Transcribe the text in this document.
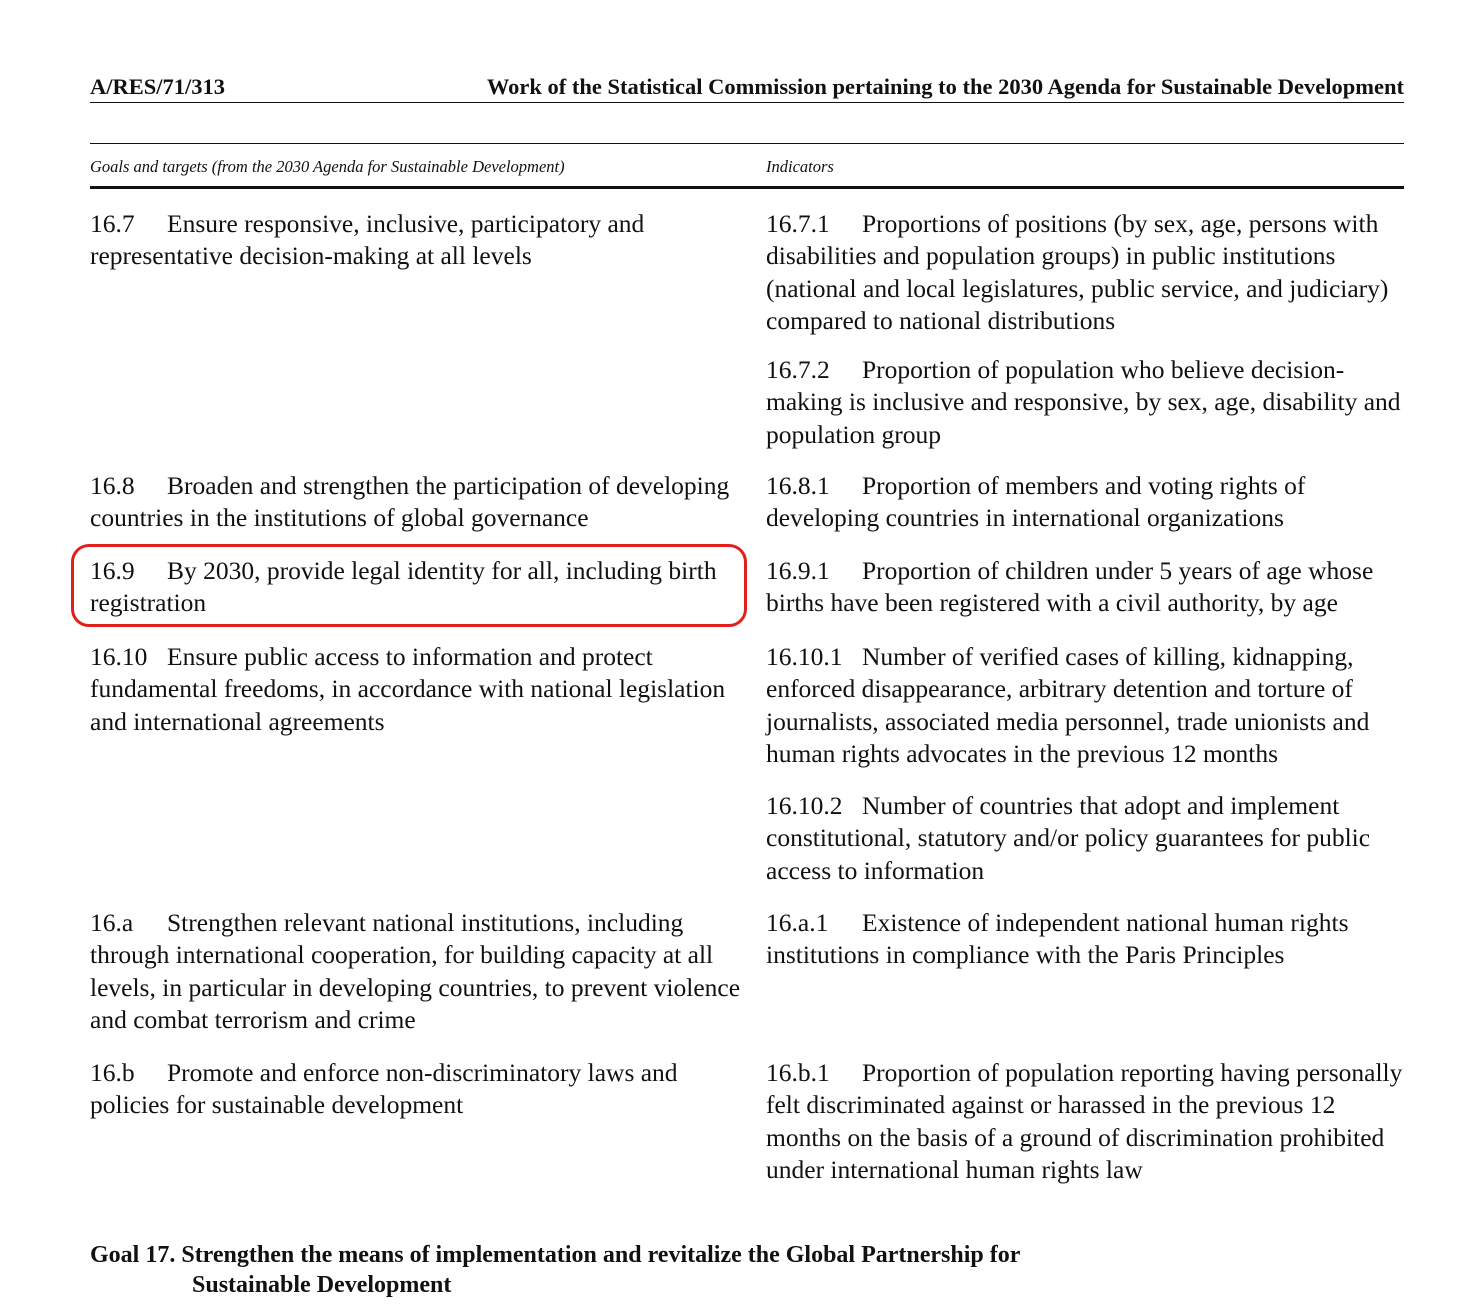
A/RES/71/313	Work of the Statistical Commission pertaining to the 2030 Agenda for Sustainable Development
Goals and targets (from the 2030 Agenda for Sustainable Development)	Indicators

16.7 Ensure responsive, inclusive, participatory and representative decision-making at all levels

16.8 Broaden and strengthen the participation of developing countries in the institutions of global governance

16.9 By 2030, provide legal identity for all, including birth registration

16.10 Ensure public access to information and protect fundamental freedoms, in accordance with national legislation and international agreements

16.a Strengthen relevant national institutions, including through international cooperation, for building capacity at all levels, in particular in developing countries, to prevent violence and combat terrorism and crime

16.b Promote and enforce non-discriminatory laws and policies for sustainable development

16.7.1 Proportions of positions (by sex, age, persons with disabilities and population groups) in public institutions (national and local legislatures, public service, and judiciary) compared to national distributions

16.7.2 Proportion of population who believe decision-making is inclusive and responsive, by sex, age, disability and population group

16.8.1 Proportion of members and voting rights of developing countries in international organizations

16.9.1 Proportion of children under 5 years of age whose births have been registered with a civil authority, by age

16.10.1 Number of verified cases of killing, kidnapping, enforced disappearance, arbitrary detention and torture of journalists, associated media personnel, trade unionists and human rights advocates in the previous 12 months

16.10.2 Number of countries that adopt and implement constitutional, statutory and/or policy guarantees for public access to information

16.a.1 Existence of independent national human rights institutions in compliance with the Paris Principles

16.b.1 Proportion of population reporting having personally felt discriminated against or harassed in the previous 12 months on the basis of a ground of discrimination prohibited under international human rights law

Goal 17. Strengthen the means of implementation and revitalize the Global Partnership for
Sustainable Development
